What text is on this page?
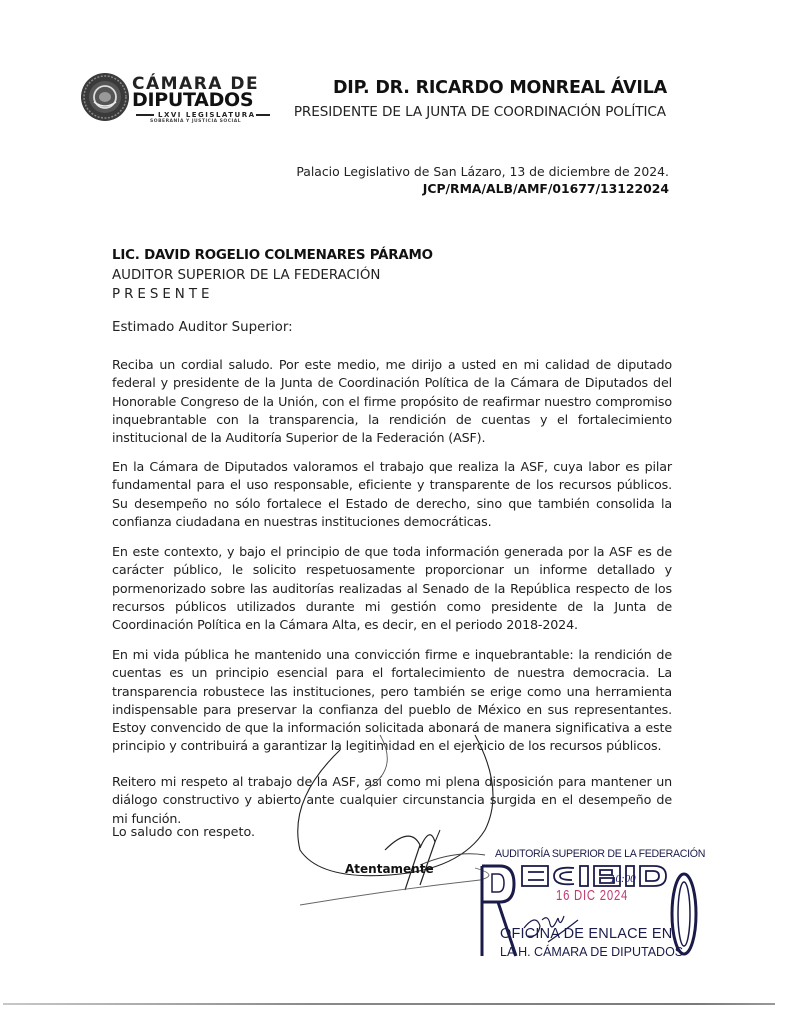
CÁMARA DE
DIPUTADOS
LXVI LEGISLATURA
SOBERANÍA Y JUSTICIA SOCIAL
DIP. DR. RICARDO MONREAL ÁVILA
PRESIDENTE DE LA JUNTA DE COORDINACIÓN POLÍTICA
Palacio Legislativo de San Lázaro, 13 de diciembre de 2024.
JCP/RMA/ALB/AMF/01677/13122024
LIC. DAVID ROGELIO COLMENARES PÁRAMO
AUDITOR SUPERIOR DE LA FEDERACIÓN
PRESENTE
Estimado Auditor Superior:
Reciba un cordial saludo. Por este medio, me dirijo a usted en mi calidad de diputado federal y presidente de la Junta de Coordinación Política de la Cámara de Diputados del Honorable Congreso de la Unión, con el firme propósito de reafirmar nuestro compromiso inquebrantable con la transparencia, la rendición de cuentas y el fortalecimiento institucional de la Auditoría Superior de la Federación (ASF).
En la Cámara de Diputados valoramos el trabajo que realiza la ASF, cuya labor es pilar fundamental para el uso responsable, eficiente y transparente de los recursos públicos. Su desempeño no sólo fortalece el Estado de derecho, sino que también consolida la confianza ciudadana en nuestras instituciones democráticas.
En este contexto, y bajo el principio de que toda información generada por la ASF es de carácter público, le solicito respetuosamente proporcionar un informe detallado y pormenorizado sobre las auditorías realizadas al Senado de la República respecto de los recursos públicos utilizados durante mi gestión como presidente de la Junta de Coordinación Política en la Cámara Alta, es decir, en el periodo 2018-2024.
En mi vida pública he mantenido una convicción firme e inquebrantable: la rendición de cuentas es un principio esencial para el fortalecimiento de nuestra democracia. La transparencia robustece las instituciones, pero también se erige como una herramienta indispensable para preservar la confianza del pueblo de México en sus representantes. Estoy convencido de que la información solicitada abonará de manera significativa a este principio y contribuirá a garantizar la legitimidad en el ejercicio de los recursos públicos.
Reitero mi respeto al trabajo de la ASF, así como mi plena disposición para mantener un diálogo constructivo y abierto ante cualquier circunstancia surgida en el desempeño de mi función.
Lo saludo con respeto.
Atentamente
AUDITORÍA SUPERIOR DE LA FEDERACIÓN
10:00
16 DIC 2024
OFICINA DE ENLACE EN
LA H. CÁMARA DE DIPUTADOS
